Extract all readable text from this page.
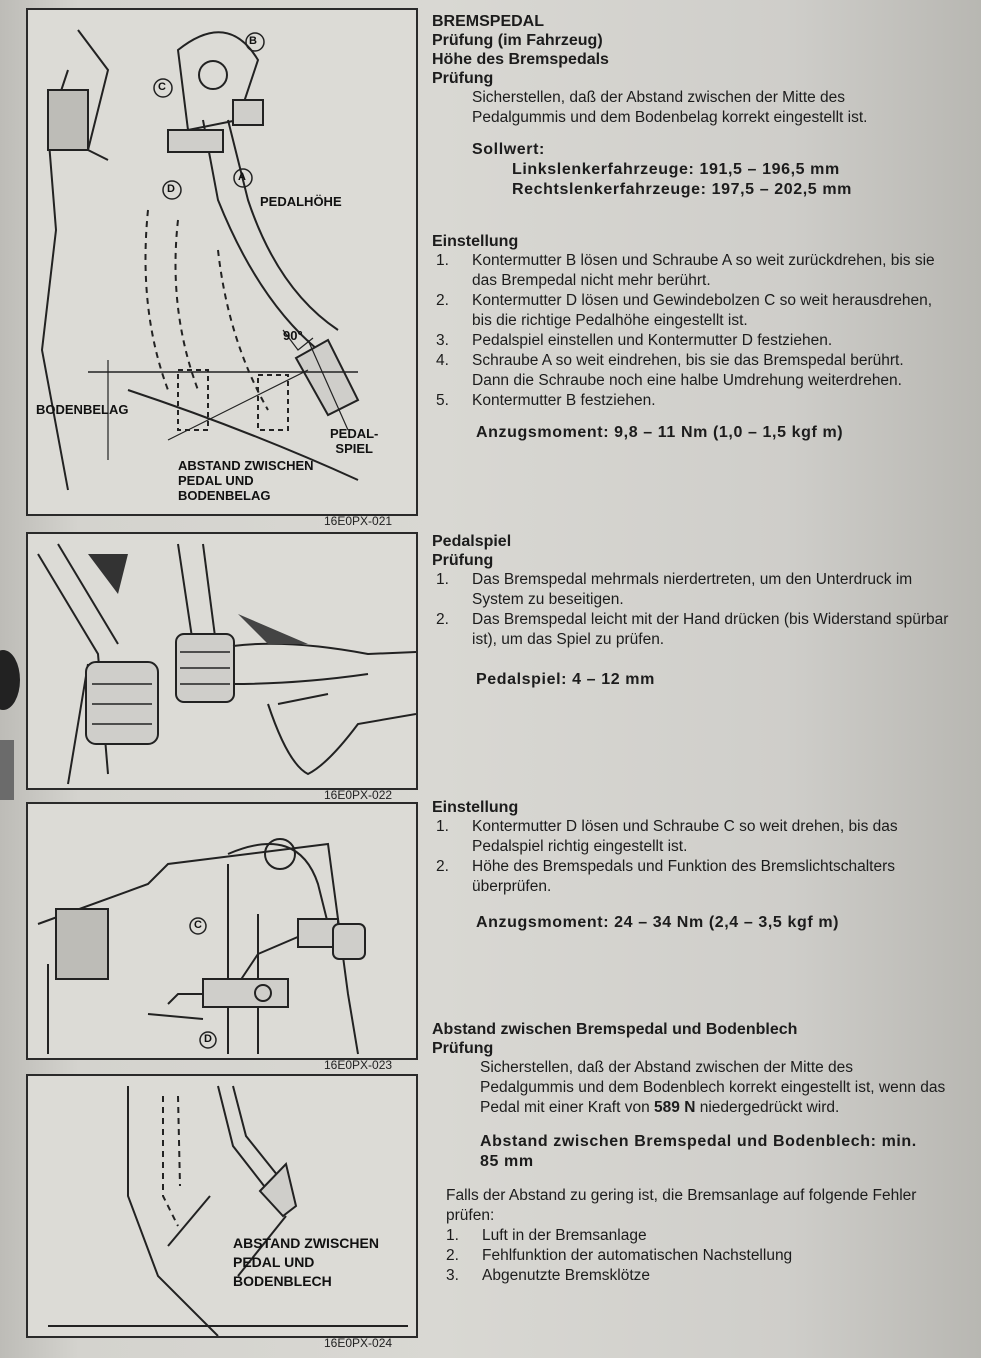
B
C
D
A
PEDALHÖHE
90°
BODENBELAG
PEDAL-
SPIEL
ABSTAND ZWISCHEN
PEDAL UND
BODENBELAG
16E0PX-021
16E0PX-022
C
D
16E0PX-023
ABSTAND ZWISCHEN
PEDAL UND
BODENBLECH
16E0PX-024

BREMSPEDAL

Prüfung (im Fahrzeug)

Höhe des Bremspedals

Prüfung

Sicherstellen, daß der Abstand zwischen der Mitte des Pedalgummis und dem Bodenbelag korrekt eingestellt ist.

Sollwert:
Linkslenkerfahrzeuge: 191,5 – 196,5 mm
Rechtslenkerfahrzeuge: 197,5 – 202,5 mm

Einstellung

1. Kontermutter B lösen und Schraube A so weit zurückdrehen, bis sie das Brempedal nicht mehr berührt.
2. Kontermutter D lösen und Gewindebolzen C so weit herausdrehen, bis die richtige Pedalhöhe eingestellt ist.
3. Pedalspiel einstellen und Kontermutter D festziehen.
4. Schraube A so weit eindrehen, bis sie das Bremspedal berührt. Dann die Schraube noch eine halbe Umdrehung weiterdrehen.
5. Kontermutter B festziehen.
Anzugsmoment: 9,8 – 11 Nm (1,0 – 1,5 kgf m)

Pedalspiel

Prüfung

1. Das Bremspedal mehrmals nierdertreten, um den Unterdruck im System zu beseitigen.
2. Das Bremspedal leicht mit der Hand drücken (bis Widerstand spürbar ist), um das Spiel zu prüfen.
Pedalspiel: 4 – 12 mm

Einstellung

1. Kontermutter D lösen und Schraube C so weit drehen, bis das Pedalspiel richtig eingestellt ist.
2. Höhe des Bremspedals und Funktion des Bremslichtschalters überprüfen.
Anzugsmoment: 24 – 34 Nm (2,4 – 3,5 kgf m)

Abstand zwischen Bremspedal und Bodenblech

Prüfung

Sicherstellen, daß der Abstand zwischen der Mitte des Pedalgummis und dem Bodenblech korrekt eingestellt ist, wenn das Pedal mit einer Kraft von 589 N niedergedrückt wird.

Abstand zwischen Bremspedal und Bodenblech: min. 85 mm

Falls der Abstand zu gering ist, die Bremsanlage auf folgende Fehler prüfen:

1. Luft in der Bremsanlage
2. Fehlfunktion der automatischen Nachstellung
3. Abgenutzte Bremsklötze
